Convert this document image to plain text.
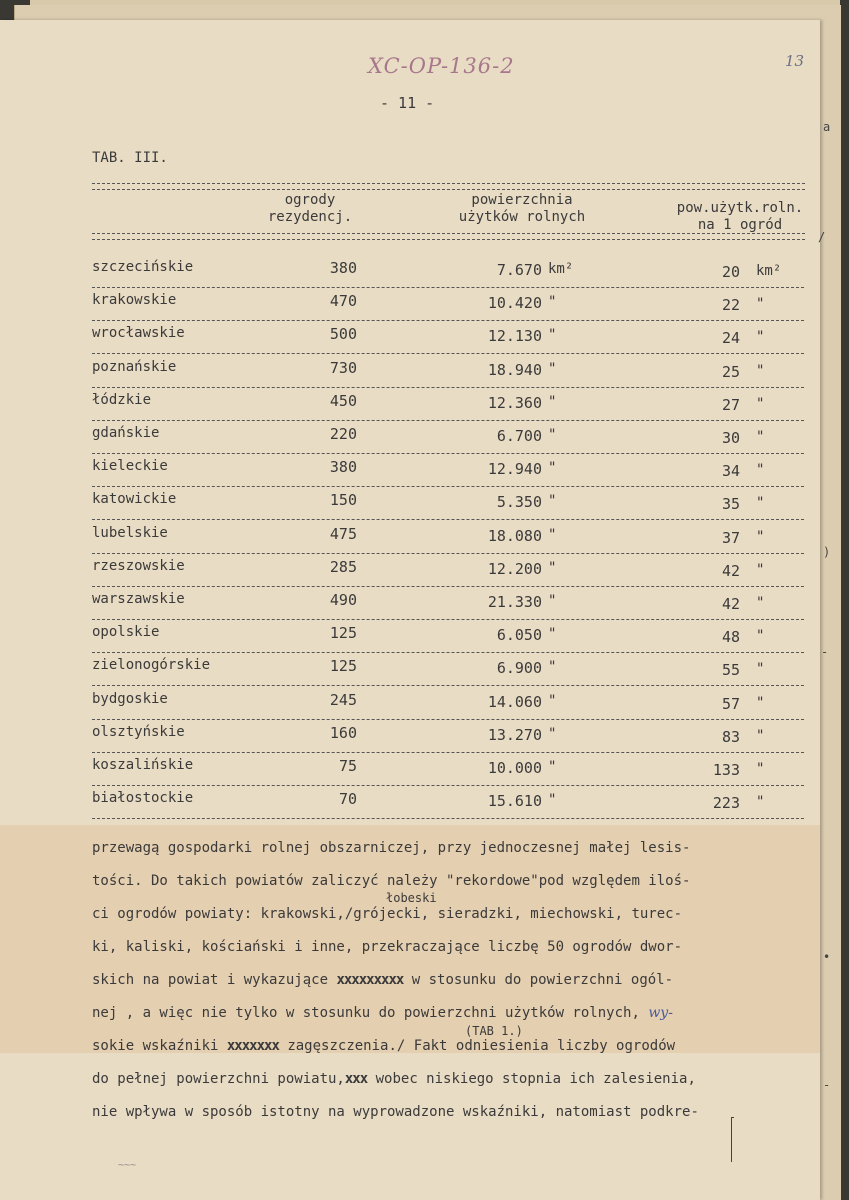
XC-OP-136-2	13
- 11 -
TAB. III.
ogrody
rezydencj.
powierzchnia
użytków rolnych
pow.użytk.roln.
na 1 ogród
szczecińskie	380	7.670 km²	20 km²
krakowskie	470	10.420 "	22 "
wrocławskie	500	12.130 "	24 "
poznańskie	730	18.940 "	25 "
łódzkie	450	12.360 "	27 "
gdańskie	220	6.700 "	30 "
kieleckie	380	12.940 "	34 "
katowickie	150	5.350 "	35 "
lubelskie	475	18.080 "	37 "
rzeszowskie	285	12.200 "	42 "
warszawskie	490	21.330 "	42 "
opolskie	125	6.050 "	48 "
zielonogórskie	125	6.900 "	55 "
bydgoskie	245	14.060 "	57 "
olsztyńskie	160	13.270 "	83 "
koszalińskie	75	10.000 "	133 "
białostockie	70	15.610 "	223 "
przewagą gospodarki rolnej obszarniczej, przy jednoczesnej małej lesis-
tości. Do takich powiatów zaliczyć należy "rekordowe"pod względem iloś-
łobeski
ci ogrodów powiaty: krakowski,/grójecki, sieradzki, miechowski, turec-
ki, kaliski, kościański i inne, przekraczające liczbę 50 ogrodów dwor-
skich na powiat i wykazujące xxxxxxxxx w stosunku do powierzchni ogól-
nej , a więc nie tylko w stosunku do powierzchni użytków rolnych, wy-
(TAB 1.)
sokie wskaźniki xxxxxxx zagęszczenia./ Fakt odniesienia liczby ogrodów
do pełnej powierzchni powiatu,xxx wobec niskiego stopnia ich zalesienia,
nie wpływa w sposób istotny na wyprowadzone wskaźniki, natomiast podkre-
~~~
a
/
)
-
•
-
